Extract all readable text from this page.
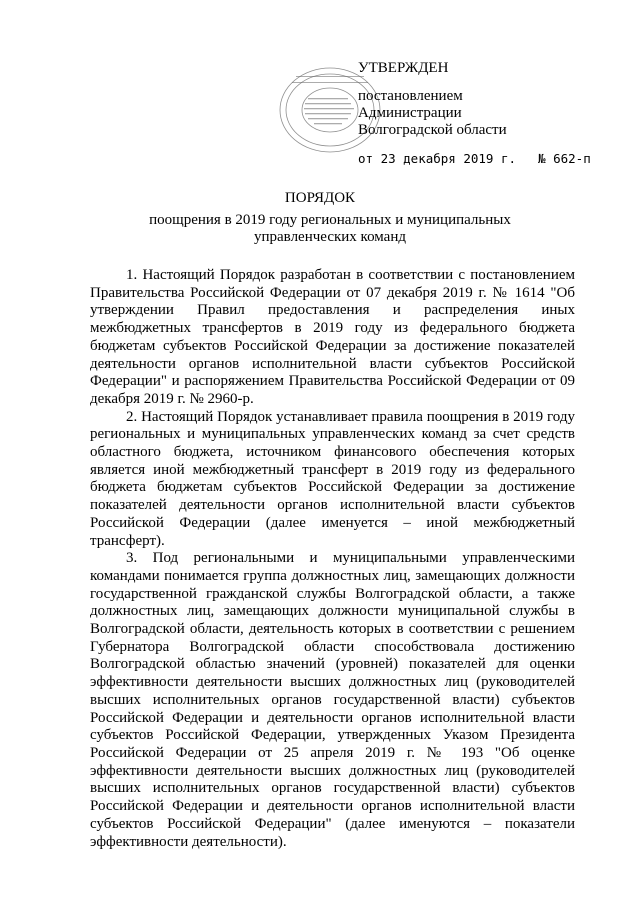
УТВЕРЖДЕН
постановлением
Администрации
Волгоградской области
от 23 декабря 2019 г. № 662-п
ПОРЯДОК
поощрения в 2019 году региональных и муниципальных управленческих команд

1. Настоящий Порядок разработан в соответствии с постановлением Правительства Российской Федерации от 07 декабря 2019 г. № 1614 "Об утверждении Правил предоставления и распределения иных межбюджетных трансфертов в 2019 году из федерального бюджета бюджетам субъектов Российской Федерации за достижение показателей деятельности органов исполнительной власти субъектов Российской Федерации" и распоряжением Правительства Российской Федерации от 09 декабря 2019 г. № 2960-р.

2. Настоящий Порядок устанавливает правила поощрения в 2019 году региональных и муниципальных управленческих команд за счет средств областного бюджета, источником финансового обеспечения которых является иной межбюджетный трансферт в 2019 году из федерального бюджета бюджетам субъектов Российской Федерации за достижение показателей деятельности органов исполнительной власти субъектов Российской Федерации (далее именуется – иной межбюджетный трансферт).

3. Под региональными и муниципальными управленческими командами понимается группа должностных лиц, замещающих должности государственной гражданской службы Волгоградской области, а также должностных лиц, замещающих должности муниципальной службы в Волгоградской области, деятельность которых в соответствии с решением Губернатора Волгоградской области способствовала достижению Волгоградской областью значений (уровней) показателей для оценки эффективности деятельности высших должностных лиц (руководителей высших исполнительных органов государственной власти) субъектов Российской Федерации и деятельности органов исполнительной власти субъектов Российской Федерации, утвержденных Указом Президента Российской Федерации от 25 апреля 2019 г. № 193 "Об оценке эффективности деятельности высших должностных лиц (руководителей высших исполнительных органов государственной власти) субъектов Российской Федерации и деятельности органов исполнительной власти субъектов Российской Федерации" (далее именуются – показатели эффективности деятельности).
